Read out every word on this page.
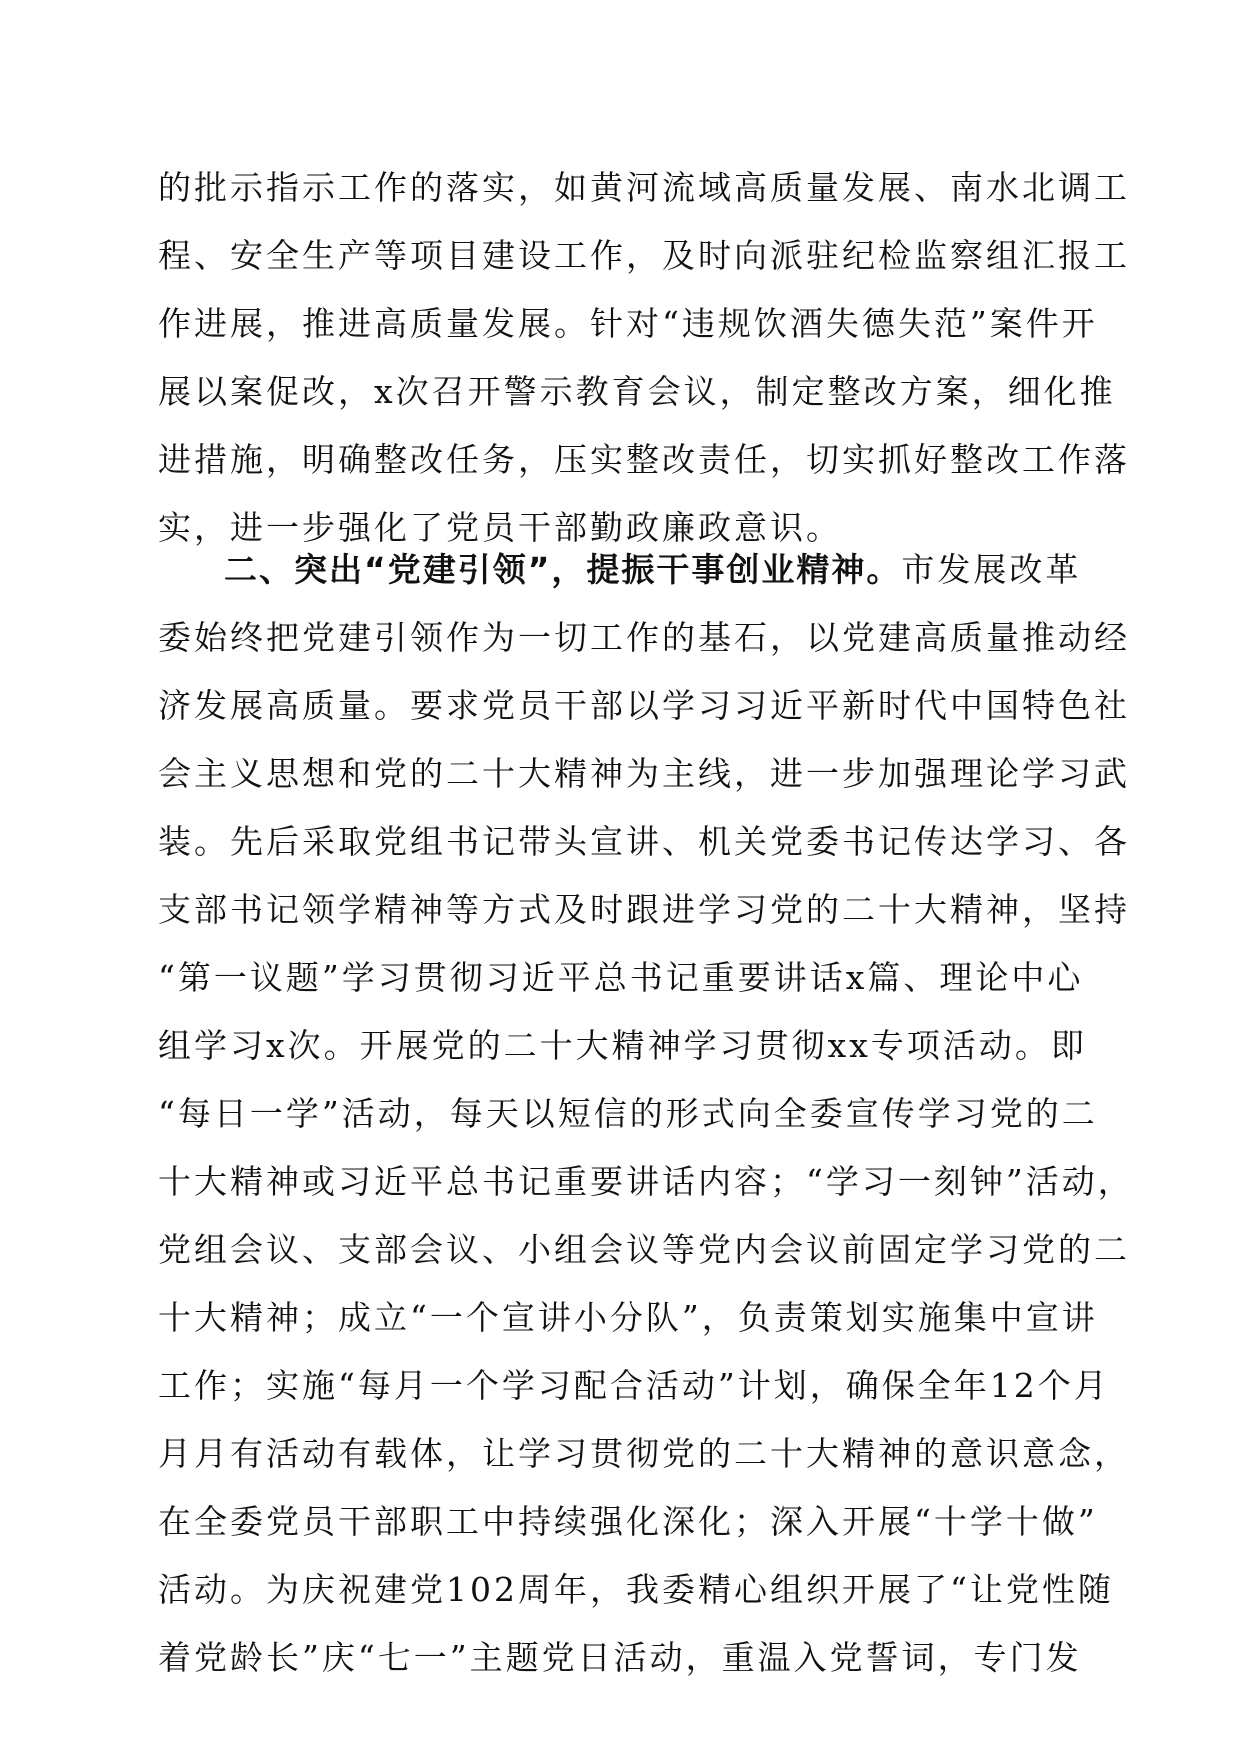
的批示指示工作的落实，如黄河流域高质量发展、南水北调工
程、安全生产等项目建设工作，及时向派驻纪检监察组汇报工
作进展，推进高质量发展。针对“违规饮酒失德失范”案件开
展以案促改，x次召开警示教育会议，制定整改方案，细化推
进措施，明确整改任务，压实整改责任，切实抓好整改工作落
实，进一步强化了党员干部勤政廉政意识。
二、突出“党建引领”，提振干事创业精神。市发展改革
委始终把党建引领作为一切工作的基石，以党建高质量推动经
济发展高质量。要求党员干部以学习习近平新时代中国特色社
会主义思想和党的二十大精神为主线，进一步加强理论学习武
装。先后采取党组书记带头宣讲、机关党委书记传达学习、各
支部书记领学精神等方式及时跟进学习党的二十大精神，坚持
“第一议题”学习贯彻习近平总书记重要讲话x篇、理论中心
组学习x次。开展党的二十大精神学习贯彻xx专项活动。即
“每日一学”活动，每天以短信的形式向全委宣传学习党的二
十大精神或习近平总书记重要讲话内容；“学习一刻钟”活动，
党组会议、支部会议、小组会议等党内会议前固定学习党的二
十大精神；成立“一个宣讲小分队”，负责策划实施集中宣讲
工作；实施“每月一个学习配合活动”计划，确保全年12个月
月月有活动有载体，让学习贯彻党的二十大精神的意识意念，
在全委党员干部职工中持续强化深化；深入开展“十学十做”
活动。为庆祝建党102周年，我委精心组织开展了“让党性随
着党龄长”庆“七一”主题党日活动，重温入党誓词，专门发
